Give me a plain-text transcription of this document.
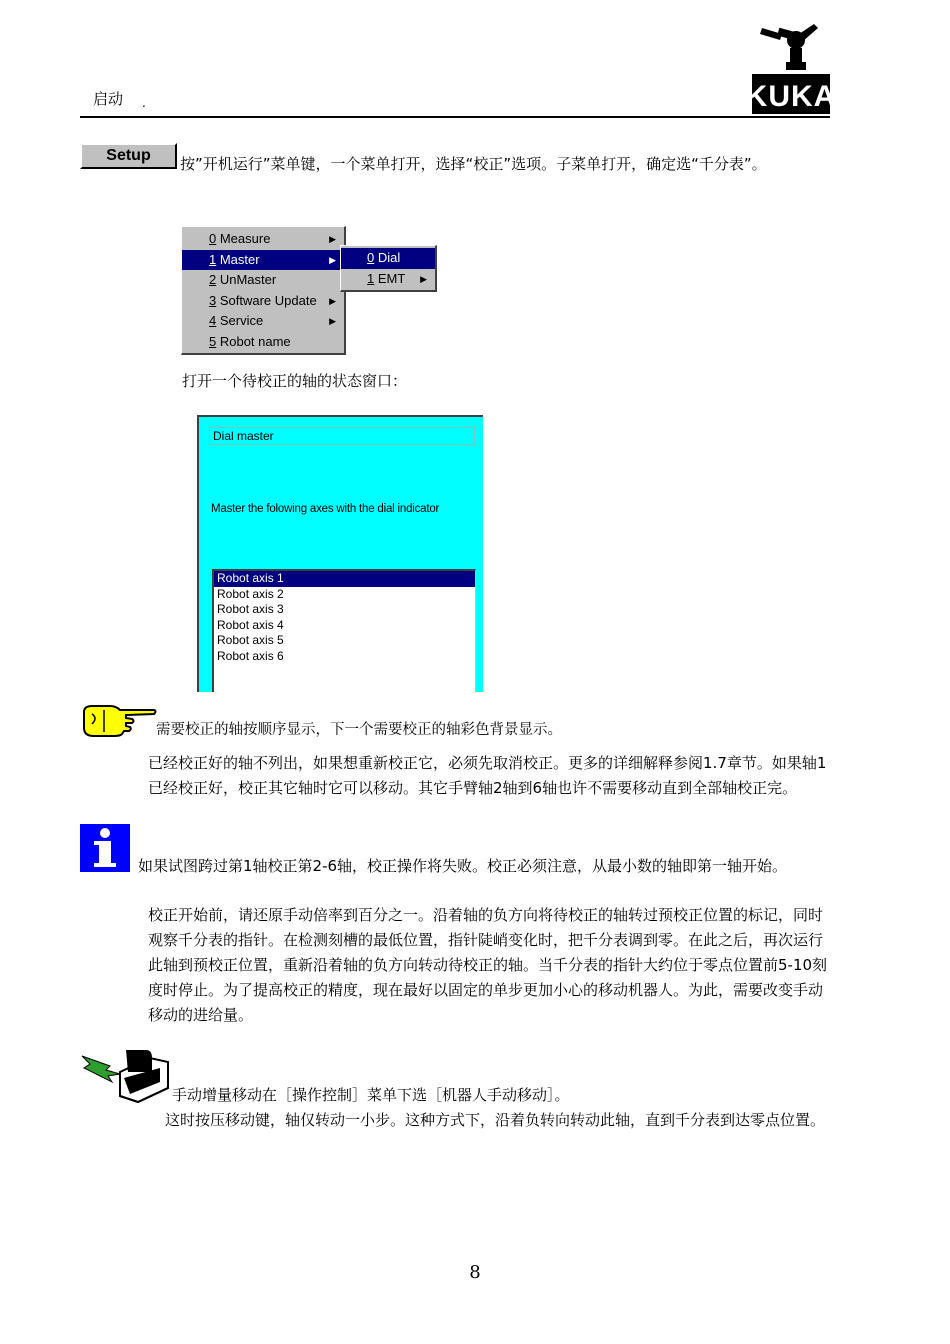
启动 .	KUKA
Setup	按”开机运行”菜单键，一个菜单打开，选择“校正”选项。子菜单打开，确定选“千分表”。
0 Measure	▶
1 Master	▶
2 UnMaster
3 Software Update ▶
4 Service	▶
5 Robot name
0 Dial
1 EMT ▶
打开一个待校正的轴的状态窗口：
Dial master
Master the folowing axes with the dial indicator
Robot axis 1
Robot axis 2
Robot axis 3
Robot axis 4
Robot axis 5
Robot axis 6
需要校正的轴按顺序显示，下一个需要校正的轴彩色背景显示。
已经校正好的轴不列出，如果想重新校正它，必须先取消校正。更多的详细解释参阅1.7章节。如果轴1已经校正好，校正其它轴时它可以移动。其它手臂轴2轴到6轴也许不需要移动直到全部轴校正完。
如果试图跨过第1轴校正第2-6轴，校正操作将失败。校正必须注意，从最小数的轴即第一轴开始。
校正开始前，请还原手动倍率到百分之一。沿着轴的负方向将待校正的轴转过预校正位置的标记，同时观察千分表的指针。在检测刻槽的最低位置，指针陡峭变化时，把千分表调到零。在此之后，再次运行此轴到预校正位置，重新沿着轴的负方向转动待校正的轴。当千分表的指针大约位于零点位置前5-10刻度时停止。为了提高校正的精度，现在最好以固定的单步更加小心的移动机器人。为此，需要改变手动移动的进给量。
手动增量移动在［操作控制］菜单下选［机器人手动移动］。
这时按压移动键，轴仅转动一小步。这种方式下，沿着负转向转动此轴，直到千分表到达零点位置。
8
